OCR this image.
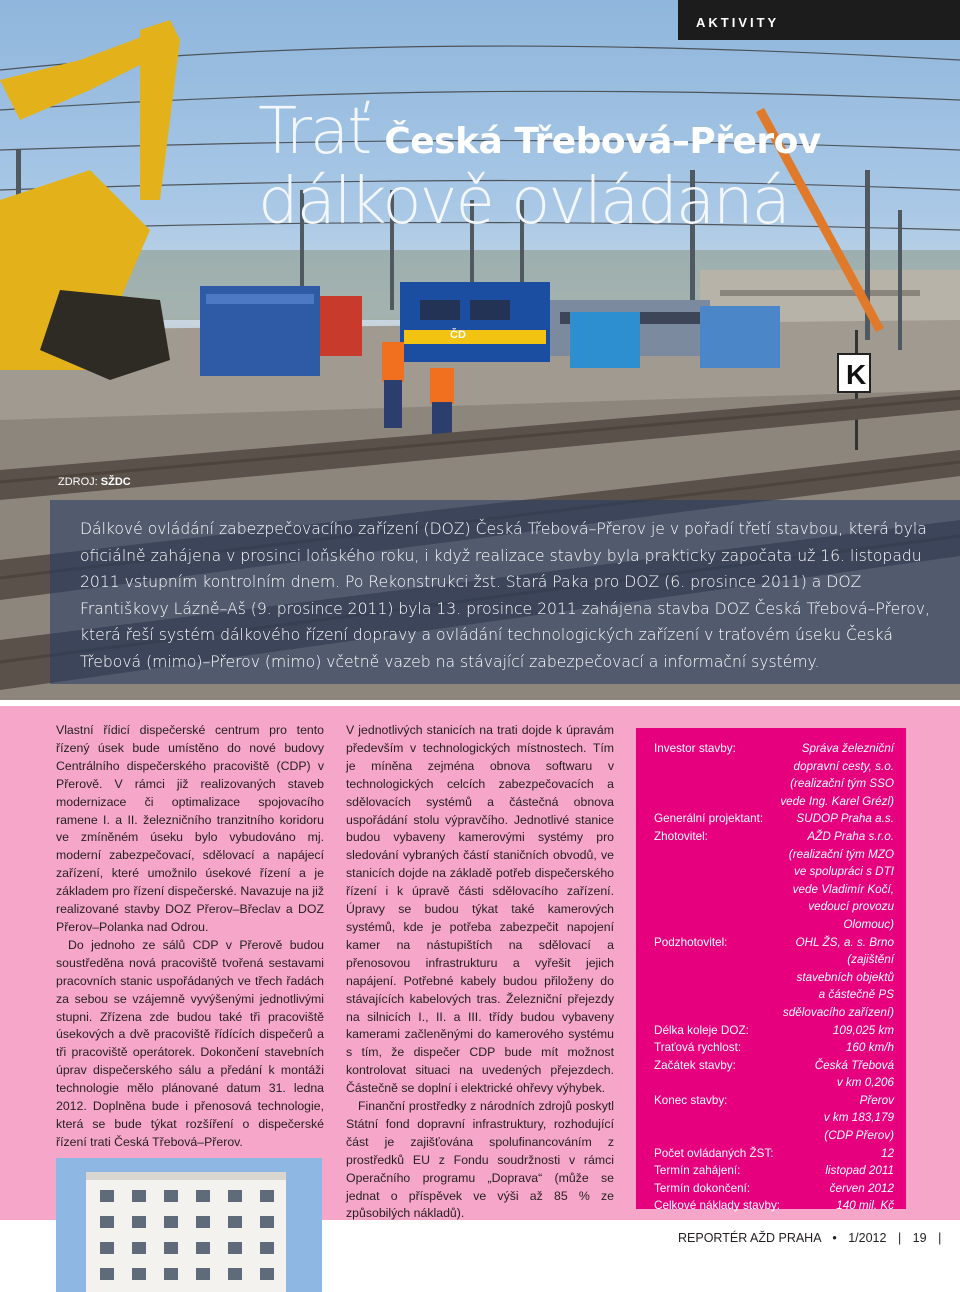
ČD
K
AKTIVITY
Trať Česká Třebová–Přerov
dálkově ovládaná
ZDROJ: SŽDC
Dálkové ovládání zabezpečovacího zařízení (DOZ) Česká Třebová–Přerov je v pořadí třetí stavbou, která byla oficiálně zahájena v prosinci loňského roku, i když realizace stavby byla prakticky započata už 16. listopadu 2011 vstupním kontrolním dnem. Po Rekonstrukci žst. Stará Paka pro DOZ (6. prosince 2011) a DOZ Františkovy Lázně–Aš (9. prosince 2011) byla 13. prosince 2011 zahájena stavba DOZ Česká Třebová–Přerov, která řeší systém dálkového řízení dopravy a ovládání technologických zařízení v traťovém úseku Česká Třebová (mimo)–Přerov (mimo) včetně vazeb na stávající zabezpečovací a informační systémy.

Vlastní řídicí dispečerské centrum pro tento řízený úsek bude umístěno do nové budovy Centrálního dispečerského pracoviště (CDP) v Přerově. V rámci již realizovaných staveb modernizace či optimalizace spojovacího ramene I. a II. železničního tranzitního koridoru ve zmíněném úseku bylo vybudováno mj. moderní zabezpečovací, sdělovací a napájecí zařízení, které umožnilo úsekové řízení a je základem pro řízení dispečerské. Navazuje na již realizované stavby DOZ Přerov–Břeclav a DOZ Přerov–Polanka nad Odrou.

Do jednoho ze sálů CDP v Přerově budou soustředěna nová pracoviště tvořená sestavami pracovních stanic uspořádaných ve třech řadách za sebou se vzájemně vyvýšenými jednotlivými stupni. Zřízena zde budou také tři pracoviště úsekových a dvě pracoviště řídících dispečerů a tři pracoviště operátorek. Dokončení stavebních úprav dispečerského sálu a předání k montáži technologie mělo plánované datum 31. ledna 2012. Doplněna bude i přenosová technologie, která se bude týkat rozšíření o dispečerské řízení trati Česká Třebová–Přerov.

V jednotlivých stanicích na trati dojde k úpravám především v technologických místnostech. Tím je míněna zejména obnova softwaru v technologických celcích zabezpečovacích a sdělovacích systémů a částečná obnova uspořádání stolu výpravčího. Jednotlivé stanice budou vybaveny kamerovými systémy pro sledování vybraných částí staničních obvodů, ve stanicích dojde na základě potřeb dispečerského řízení i k úpravě části sdělovacího zařízení. Úpravy se budou týkat také kamerových systémů, kde je potřeba zabezpečit napojení kamer na nástupištích na sdělovací a přenosovou infrastrukturu a vyřešit jejich napájení. Potřebné kabely budou přiloženy do stávajících kabelových tras. Železniční přejezdy na silnicích I., II. a III. třídy budou vybaveny kamerami začleněnými do kamerového systému s tím, že dispečer CDP bude mít možnost kontrolovat situaci na uvedených přejezdech. Částečně se doplní i elektrické ohřevy výhybek.

Finanční prostředky z národních zdrojů poskytl Státní fond dopravní infrastruktury, rozhodující část je zajišťována spolufinancováním z prostředků EU z Fondu soudržnosti v rámci Operačního programu „Doprava“ (může se jednat o příspěvek ve výši až 85 % ze způsobilých nákladů).

Investor stavby:	Správa železniční
dopravní cesty, s.o.
(realizační tým SSO
vede Ing. Karel Grézl)
Generální projektant:	SUDOP Praha a.s.
Zhotovitel:	AŽD Praha s.r.o.
(realizační tým MZO
ve spolupráci s DTI
vede Vladimír Kočí,
vedoucí provozu Olomouc)
Podzhotovitel:	OHL ŽS, a. s. Brno
(zajištění
stavebních objektů
a částečně PS
sdělovacího zařízení)
Délka koleje DOZ:	109,025 km
Traťová rychlost:	160 km/h
Začátek stavby:	Česká Třebová
v km 0,206
Konec stavby:	Přerov
v km 183,179
(CDP Přerov)
Počet ovládaných ŽST:	12
Termín zahájení:	listopad 2011
Termín dokončení:	červen 2012
Celkové náklady stavby:	140 mil. Kč
REPORTÉR AŽD PRAHA • 1/2012 | 19 |
